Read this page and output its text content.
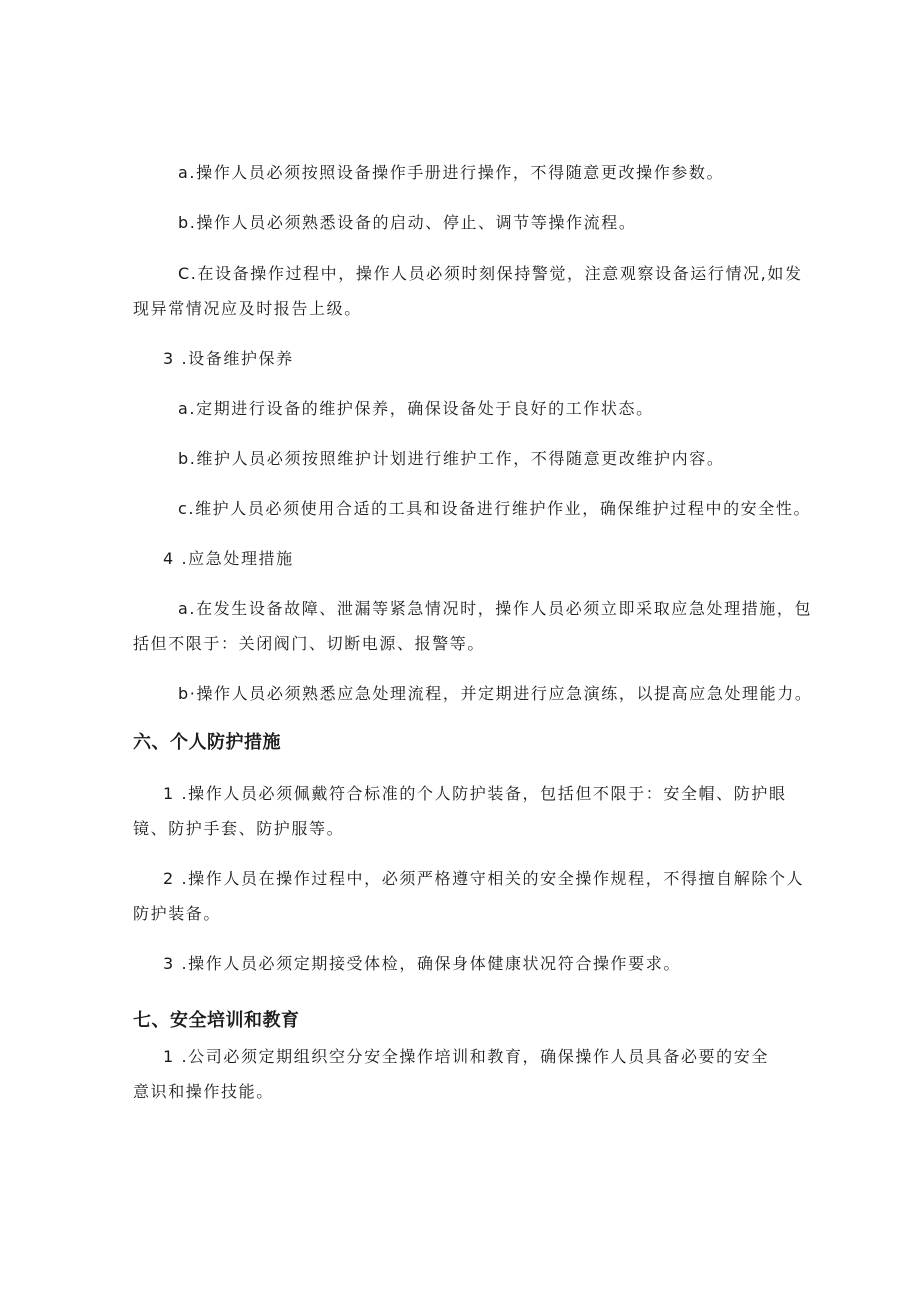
a.操作人员必须按照设备操作手册进行操作，不得随意更改操作参数。
b.操作人员必须熟悉设备的启动、停止、调节等操作流程。
C.在设备操作过程中，操作人员必须时刻保持警觉，注意观察设备运行情况,如发
现异常情况应及时报告上级。
3 .设备维护保养
a.定期进行设备的维护保养，确保设备处于良好的工作状态。
b.维护人员必须按照维护计划进行维护工作，不得随意更改维护内容。
c.维护人员必须使用合适的工具和设备进行维护作业，确保维护过程中的安全性。
4 .应急处理措施
a.在发生设备故障、泄漏等紧急情况时，操作人员必须立即采取应急处理措施，包
括但不限于：关闭阀门、切断电源、报警等。
b·操作人员必须熟悉应急处理流程，并定期进行应急演练，以提高应急处理能力。
六、个人防护措施
1 .操作人员必须佩戴符合标准的个人防护装备，包括但不限于：安全帽、防护眼
镜、防护手套、防护服等。
2 .操作人员在操作过程中，必须严格遵守相关的安全操作规程，不得擅自解除个人
防护装备。
3 .操作人员必须定期接受体检，确保身体健康状况符合操作要求。
七、安全培训和教育
1 .公司必须定期组织空分安全操作培训和教育，确保操作人员具备必要的安全
意识和操作技能。
